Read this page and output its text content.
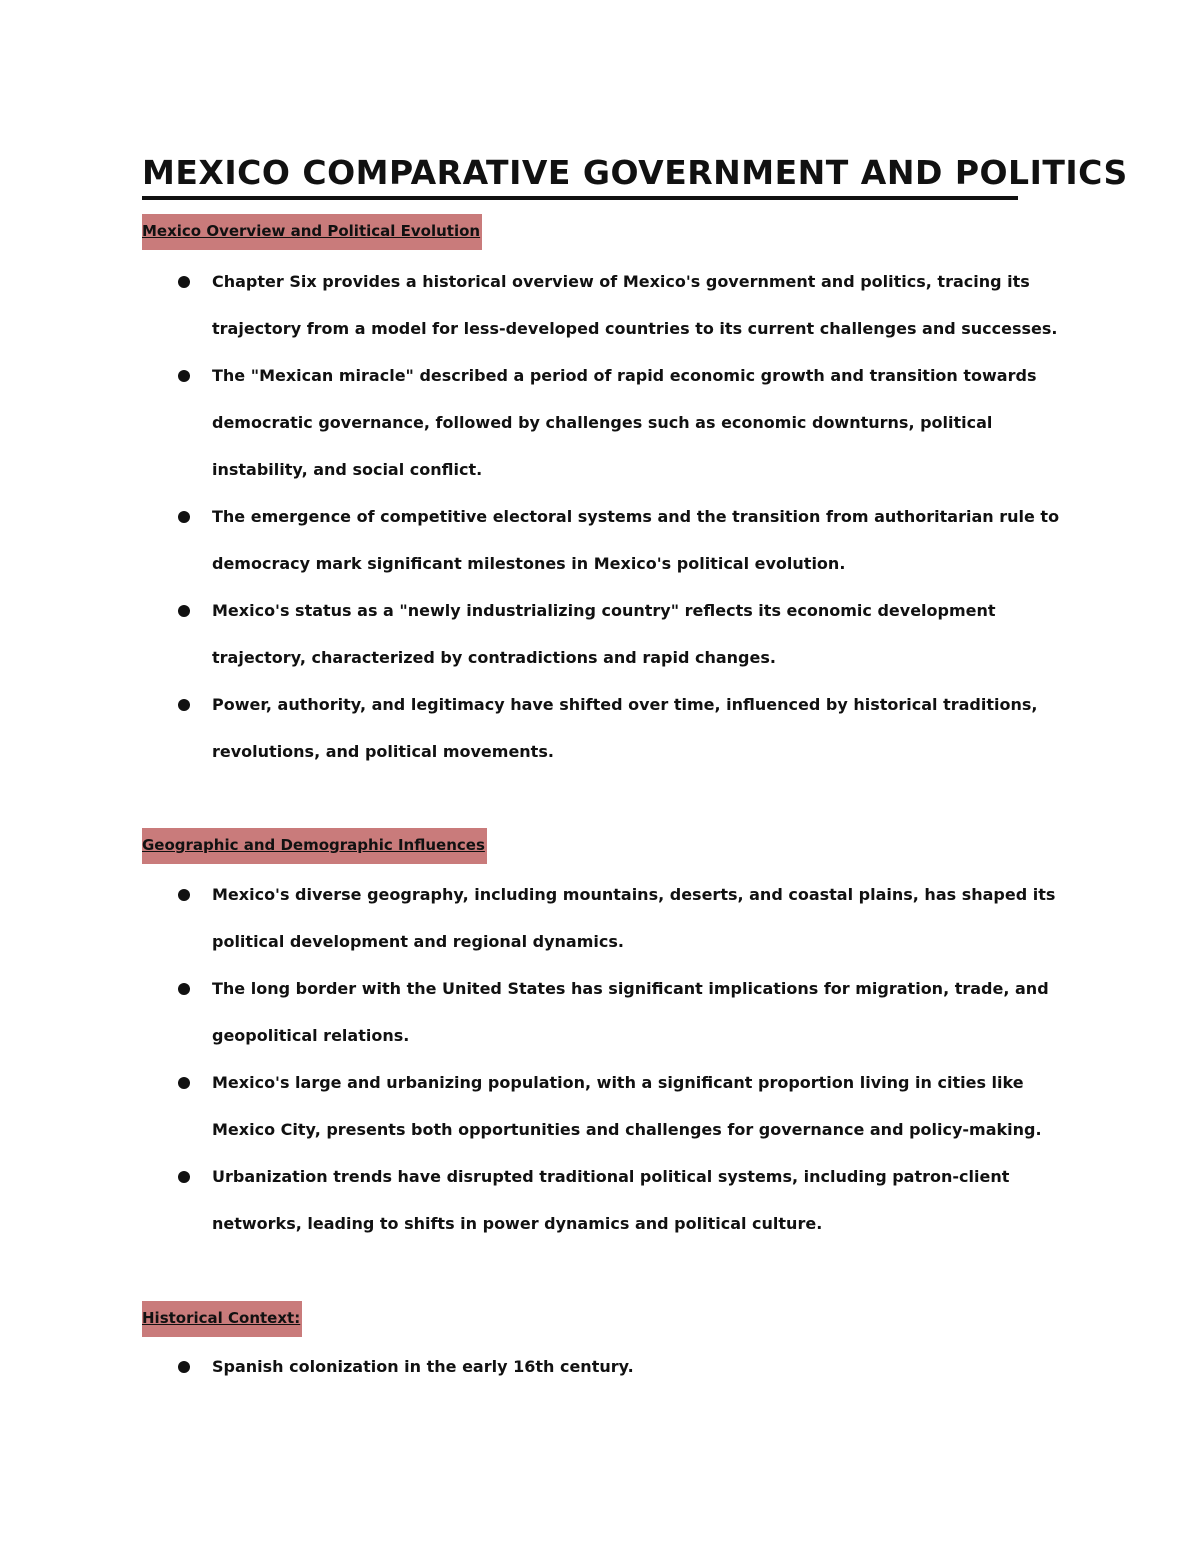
MEXICO COMPARATIVE GOVERNMENT AND POLITICS
Mexico Overview and Political Evolution
Chapter Six provides a historical overview of Mexico's government and politics, tracing its trajectory from a model for less-developed countries to its current challenges and successes.
The "Mexican miracle" described a period of rapid economic growth and transition towards democratic governance, followed by challenges such as economic downturns, political instability, and social conflict.
The emergence of competitive electoral systems and the transition from authoritarian rule to democracy mark significant milestones in Mexico's political evolution.
Mexico's status as a "newly industrializing country" reflects its economic development trajectory, characterized by contradictions and rapid changes.
Power, authority, and legitimacy have shifted over time, influenced by historical traditions, revolutions, and political movements.
Geographic and Demographic Influences
Mexico's diverse geography, including mountains, deserts, and coastal plains, has shaped its political development and regional dynamics.
The long border with the United States has significant implications for migration, trade, and geopolitical relations.
Mexico's large and urbanizing population, with a significant proportion living in cities like Mexico City, presents both opportunities and challenges for governance and policy-making.
Urbanization trends have disrupted traditional political systems, including patron-client networks, leading to shifts in power dynamics and political culture.
Historical Context:
Spanish colonization in the early 16th century.
